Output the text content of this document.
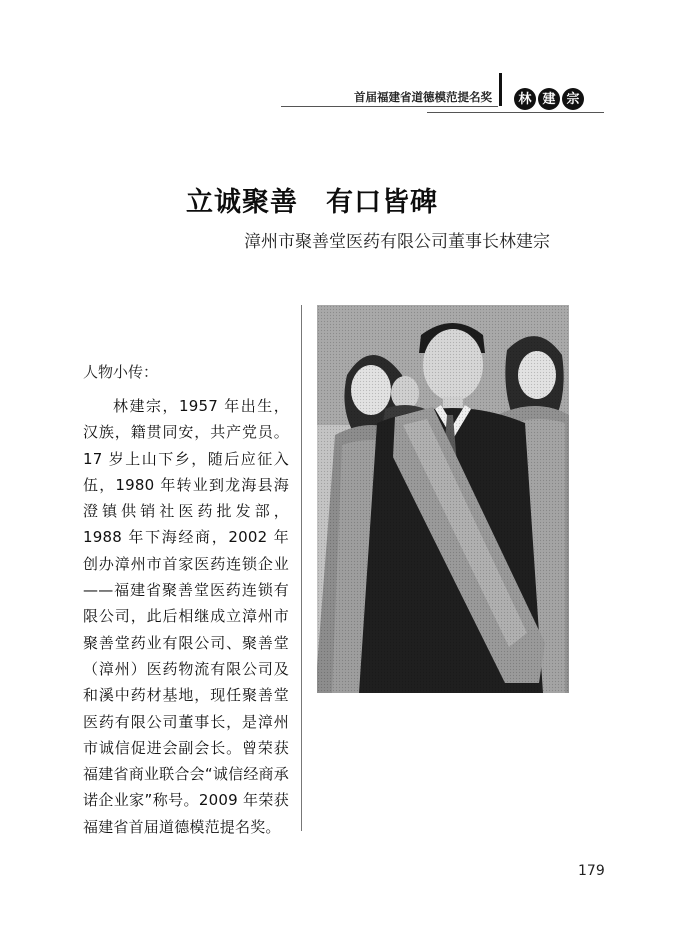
首届福建省道德模范提名奖	林 建 宗
立诚聚善　有口皆碑
漳州市聚善堂医药有限公司董事长林建宗
人物小传：
林建宗，1957 年出生，汉族，籍贯同安，共产党员。17 岁上山下乡，随后应征入伍，1980 年转业到龙海县海澄镇供销社医药批发部，1988 年下海经商，2002 年创办漳州市首家医药连锁企业——福建省聚善堂医药连锁有限公司，此后相继成立漳州市聚善堂药业有限公司、聚善堂（漳州）医药物流有限公司及和溪中药材基地，现任聚善堂医药有限公司董事长，是漳州市诚信促进会副会长。曾荣获福建省商业联合会“诚信经商承诺企业家”称号。2009 年荣获福建省首届道德模范提名奖。
179
